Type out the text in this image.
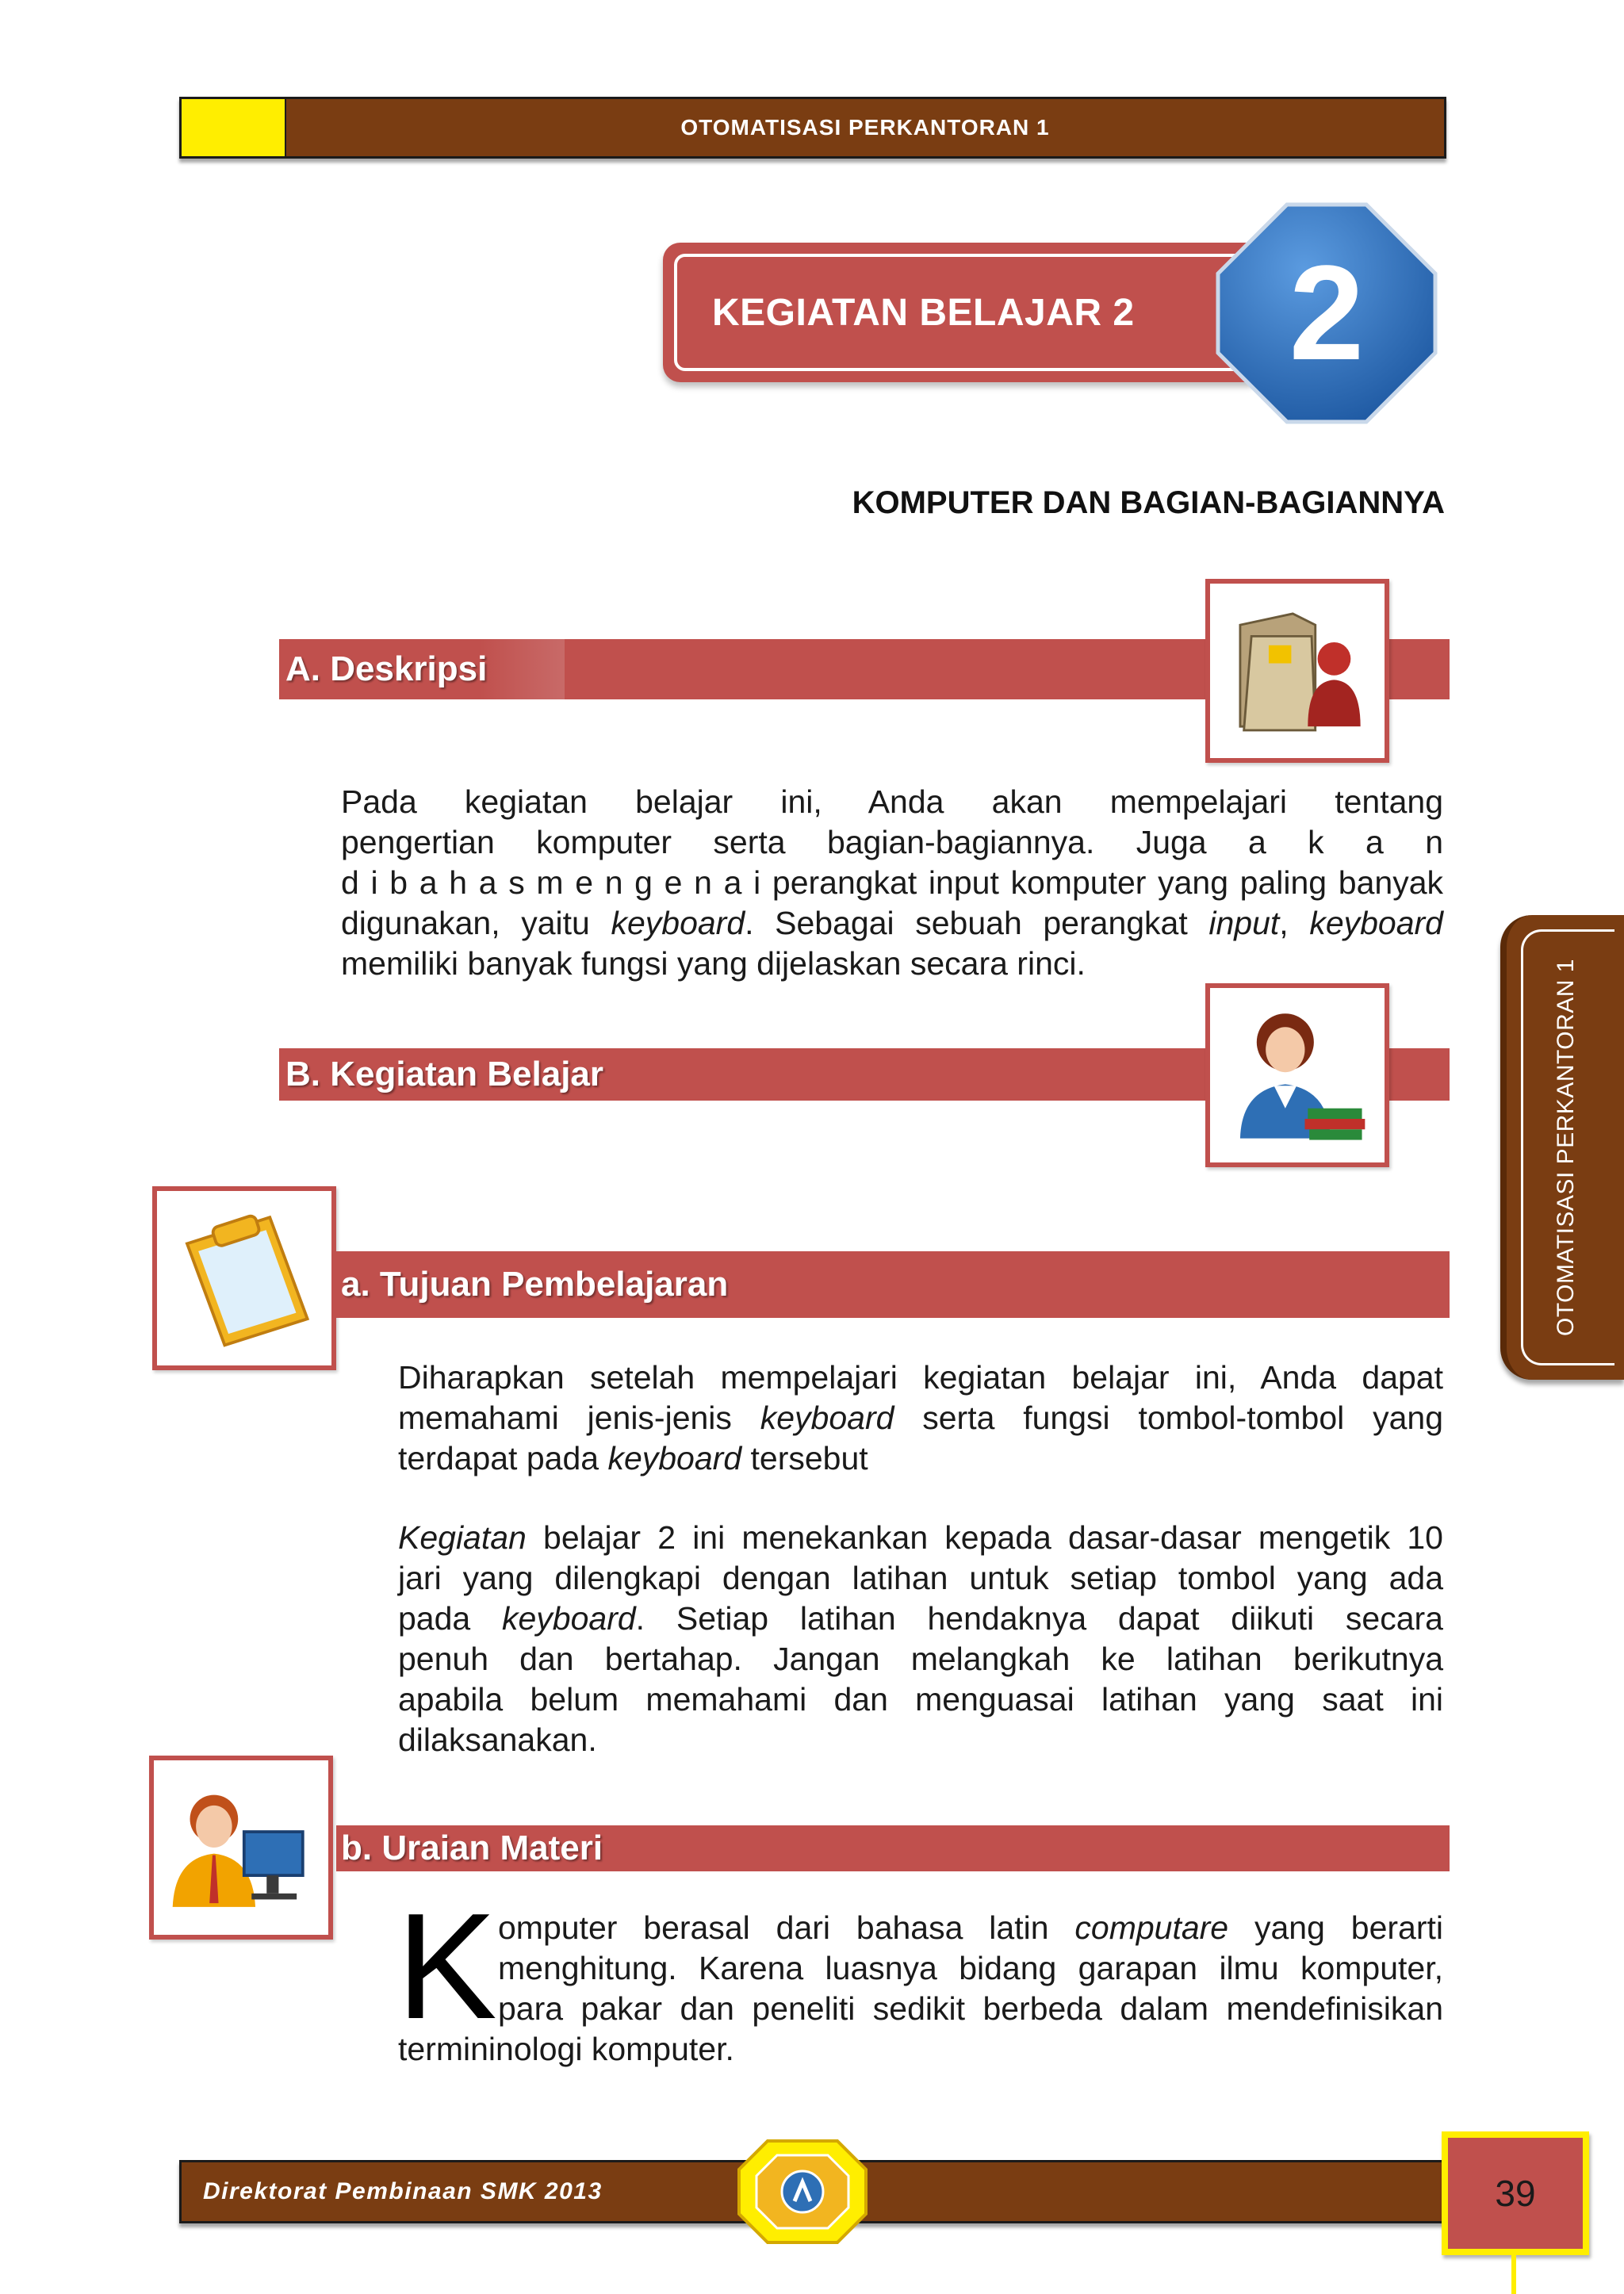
OTOMATISASI PERKANTORAN 1
KEGIATAN BELAJAR 2	2
KOMPUTER DAN BAGIAN-BAGIANNYA
A. Deskripsi
Pada kegiatan belajar ini, Anda akan mempelajari tentang
pengertian komputer serta bagian-bagiannya. Juga a k a n
d i b a h a s m e n g e n a i perangkat input komputer yang paling banyak
digunakan, yaitu keyboard. Sebagai sebuah perangkat input, keyboard
memiliki banyak fungsi yang dijelaskan secara rinci.
B. Kegiatan Belajar
a. Tujuan Pembelajaran
Diharapkan setelah mempelajari kegiatan belajar ini, Anda dapat
memahami jenis-jenis keyboard serta fungsi tombol-tombol yang
terdapat pada keyboard tersebut
Kegiatan belajar 2 ini menekankan kepada dasar-dasar mengetik 10
jari yang dilengkapi dengan latihan untuk setiap tombol yang ada
pada keyboard. Setiap latihan hendaknya dapat diikuti secara
penuh dan bertahap. Jangan melangkah ke latihan berikutnya
apabila belum memahami dan menguasai latihan yang saat ini
dilaksanakan.
b. Uraian Materi
K omputer berasal dari bahasa latin computare yang berarti
menghitung. Karena luasnya bidang garapan ilmu komputer,
para pakar dan peneliti sedikit berbeda dalam mendefinisikan
termininologi komputer.
OTOMATISASI PERKANTORAN 1
Direktorat Pembinaan SMK 2013	39
